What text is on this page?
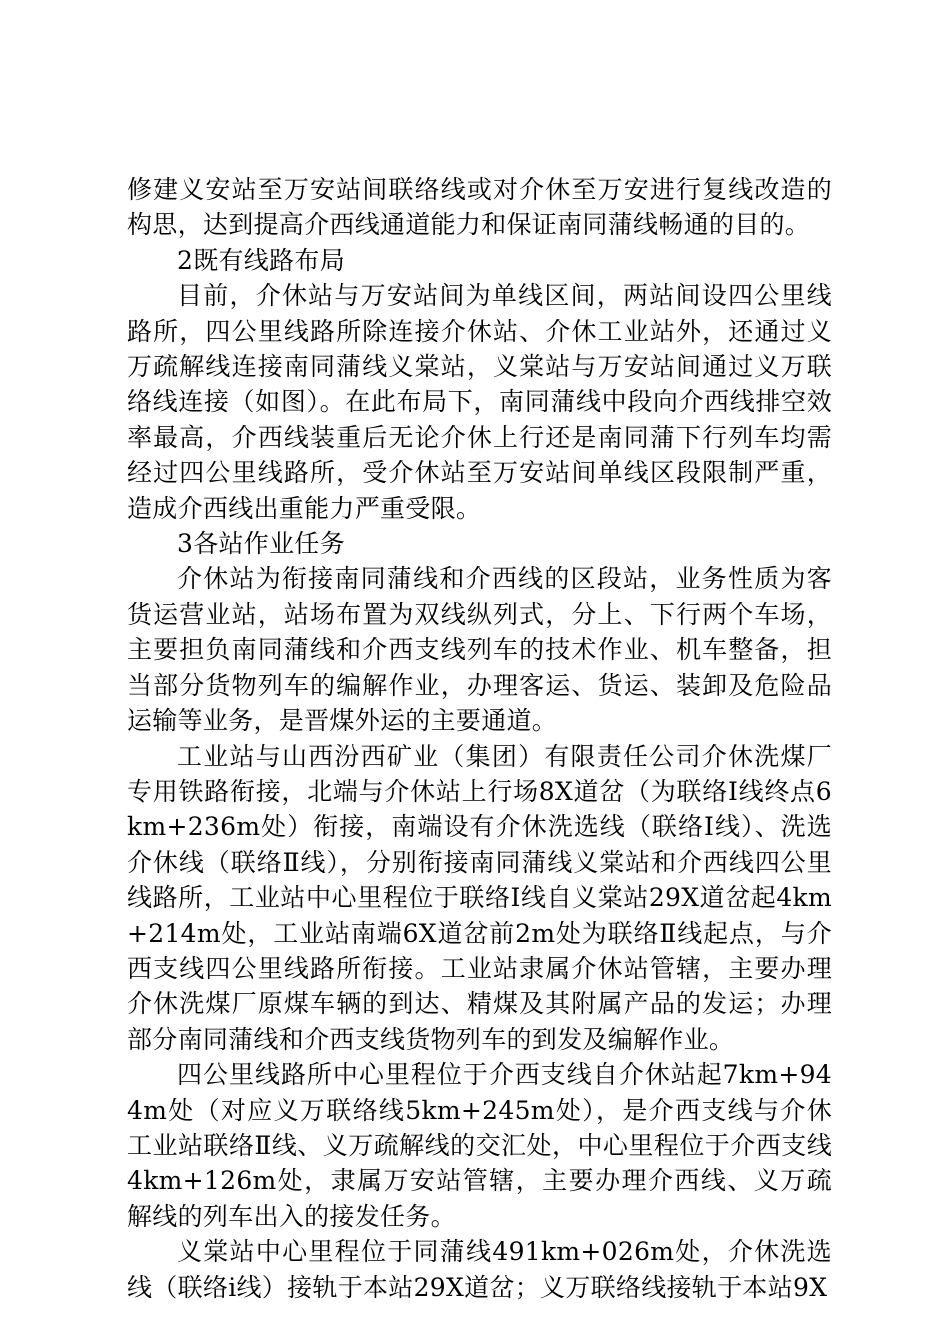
修建义安站至万安站间联络线或对介休至万安进行复线改造的构思，达到提高介西线通道能力和保证南同蒲线畅通的目的。

2既有线路布局

目前，介休站与万安站间为单线区间，两站间设四公里线路所，四公里线路所除连接介休站、介休工业站外，还通过义万疏解线连接南同蒲线义棠站，义棠站与万安站间通过义万联络线连接（如图）。在此布局下，南同蒲线中段向介西线排空效率最高，介西线装重后无论介休上行还是南同蒲下行列车均需经过四公里线路所，受介休站至万安站间单线区段限制严重，造成介西线出重能力严重受限。

3各站作业任务

介休站为衔接南同蒲线和介西线的区段站，业务性质为客货运营业站，站场布置为双线纵列式，分上、下行两个车场，主要担负南同蒲线和介西支线列车的技术作业、机车整备，担当部分货物列车的编解作业，办理客运、货运、装卸及危险品运输等业务，是晋煤外运的主要通道。

工业站与山西汾西矿业（集团）有限责任公司介休洗煤厂专用铁路衔接，北端与介休站上行场8X道岔（为联络Ⅰ线终点6km+236m处）衔接，南端设有介休洗选线（联络Ⅰ线）、洗选介休线（联络Ⅱ线），分别衔接南同蒲线义棠站和介西线四公里线路所，工业站中心里程位于联络Ⅰ线自义棠站29X道岔起4km+214m处，工业站南端6X道岔前2m处为联络Ⅱ线起点，与介西支线四公里线路所衔接。工业站隶属介休站管辖，主要办理介休洗煤厂原煤车辆的到达、精煤及其附属产品的发运；办理部分南同蒲线和介西支线货物列车的到发及编解作业。

四公里线路所中心里程位于介西支线自介休站起7km+944m处（对应义万联络线5km+245m处），是介西支线与介休工业站联络Ⅱ线、义万疏解线的交汇处，中心里程位于介西支线4km+126m处，隶属万安站管辖，主要办理介西线、义万疏解线的列车出入的接发任务。

义棠站中心里程位于同蒲线491km+026m处，介休洗选线（联络ⅰ线）接轨于本站29X道岔；义万联络线接轨于本站9X
